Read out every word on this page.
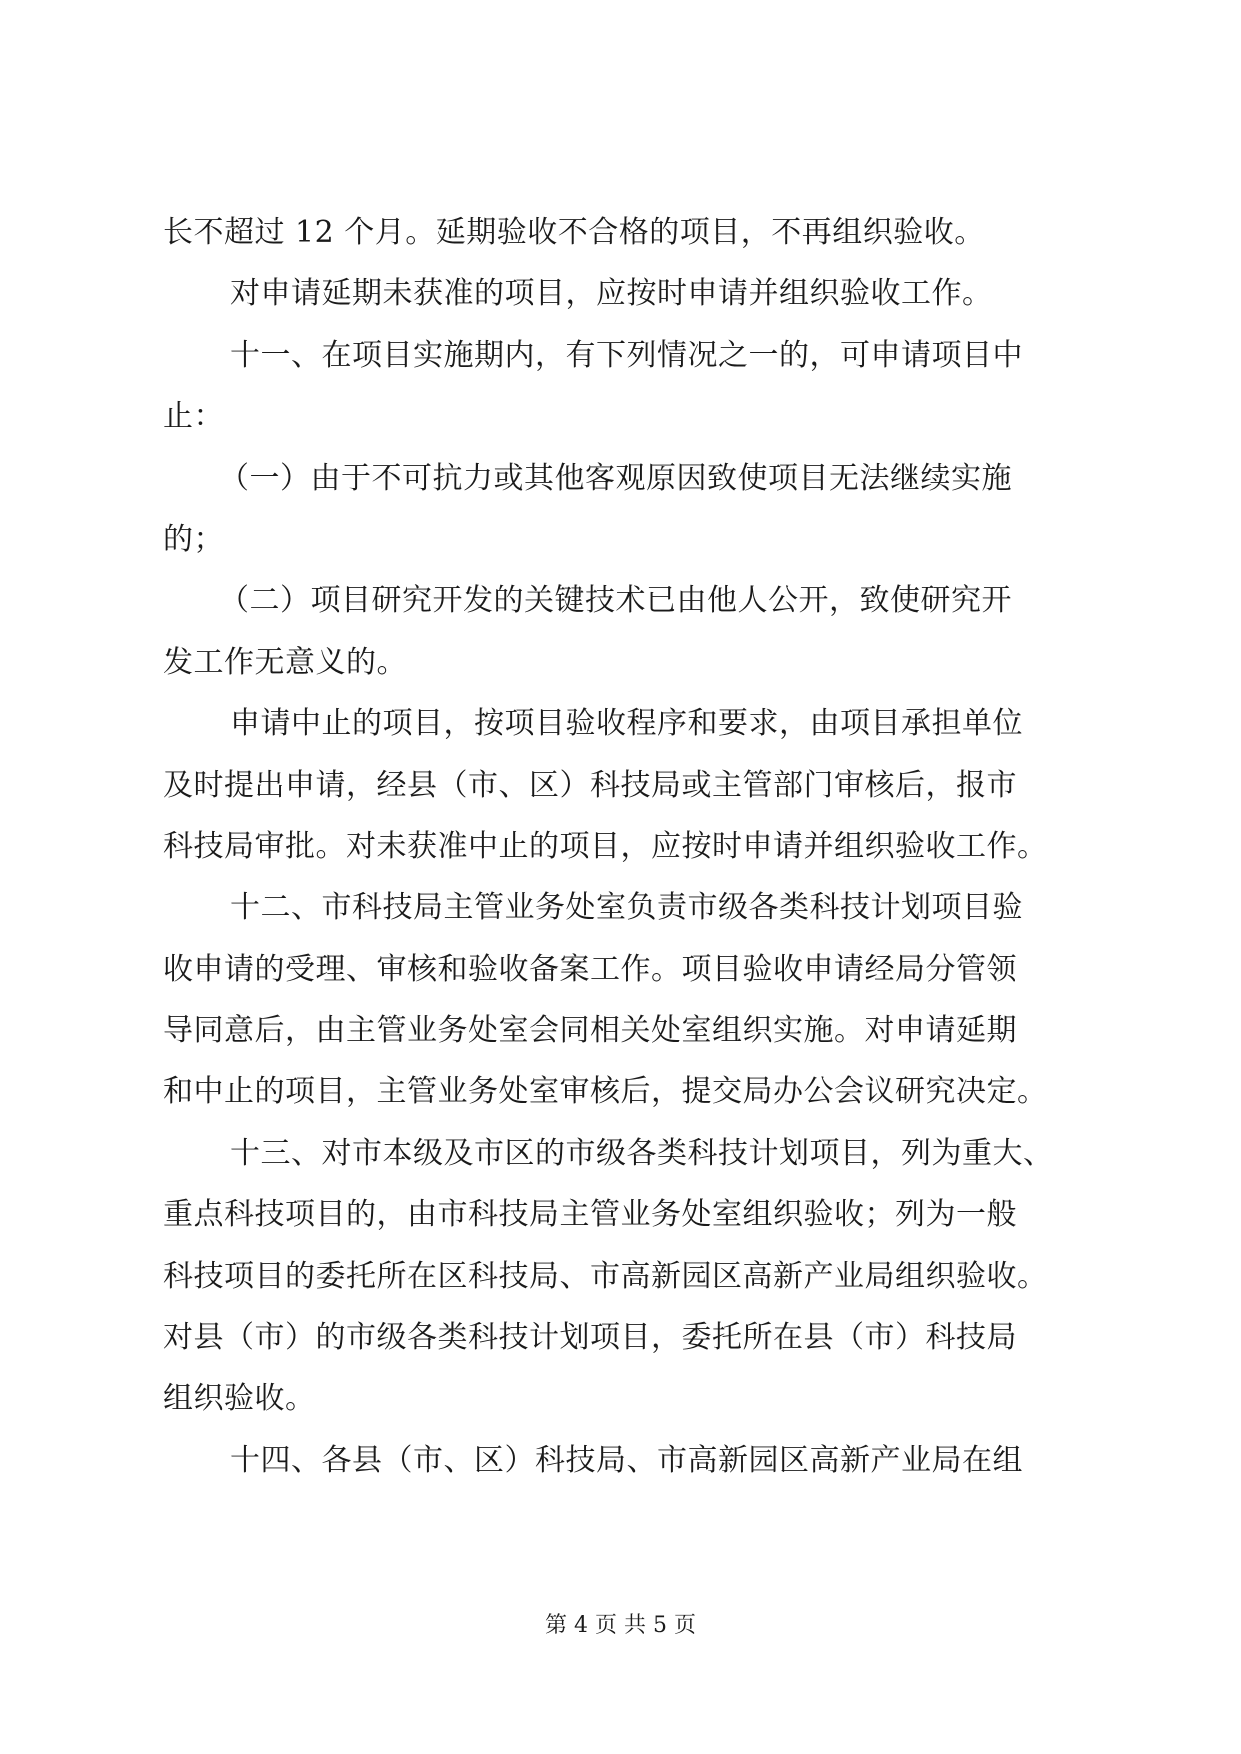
长不超过 12 个月。延期验收不合格的项目，不再组织验收。
对申请延期未获准的项目，应按时申请并组织验收工作。
十一、在项目实施期内，有下列情况之一的，可申请项目中
止：
（一）由于不可抗力或其他客观原因致使项目无法继续实施
的；
（二）项目研究开发的关键技术已由他人公开，致使研究开
发工作无意义的。
申请中止的项目，按项目验收程序和要求，由项目承担单位
及时提出申请，经县（市、区）科技局或主管部门审核后，报市
科技局审批。对未获准中止的项目，应按时申请并组织验收工作。
十二、市科技局主管业务处室负责市级各类科技计划项目验
收申请的受理、审核和验收备案工作。项目验收申请经局分管领
导同意后，由主管业务处室会同相关处室组织实施。对申请延期
和中止的项目，主管业务处室审核后，提交局办公会议研究决定。
十三、对市本级及市区的市级各类科技计划项目，列为重大、
重点科技项目的，由市科技局主管业务处室组织验收；列为一般
科技项目的委托所在区科技局、市高新园区高新产业局组织验收。
对县（市）的市级各类科技计划项目，委托所在县（市）科技局
组织验收。
十四、各县（市、区）科技局、市高新园区高新产业局在组
第 4 页 共 5 页
